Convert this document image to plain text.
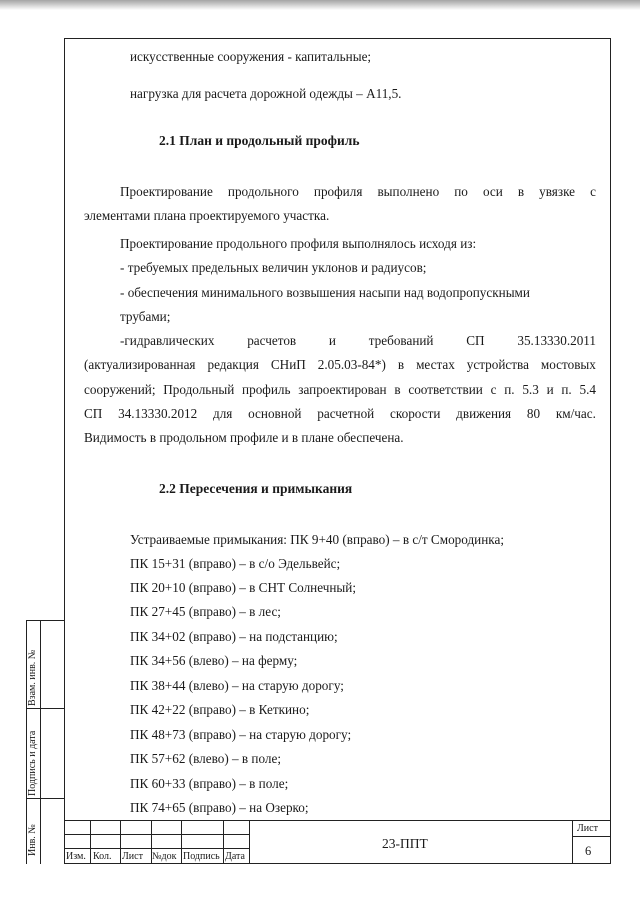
искусственные сооружения - капитальные;
нагрузка для расчета дорожной одежды – А11,5.
2.1 План и продольный профиль
Проектирование продольного профиля выполнено по оси в увязке с
элементами плана проектируемого участка.
Проектирование продольного профиля выполнялось исходя из:
- требуемых предельных величин уклонов и радиусов;
- обеспечения минимального возвышения насыпи над водопропускными
трубами;
-гидравлических расчетов и требований СП 35.13330.2011
(актуализированная редакция СНиП 2.05.03-84*) в местах устройства мостовых
сооружений; Продольный профиль запроектирован в соответствии с п. 5.3 и п. 5.4
СП 34.13330.2012 для основной расчетной скорости движения 80 км/час.
Видимость в продольном профиле и в плане обеспечена.
2.2 Пересечения и примыкания
Устраиваемые примыкания: ПК 9+40 (вправо) – в с/т Смородинка;
ПК 15+31 (вправо) – в с/о Эдельвейс;
ПК 20+10 (вправо) – в СНТ Солнечный;
ПК 27+45 (вправо) – в лес;
ПК 34+02 (вправо) – на подстанцию;
ПК 34+56 (влево) – на ферму;
ПК 38+44 (влево) – на старую дорогу;
ПК 42+22 (вправо) – в Кеткино;
ПК 48+73 (вправо) – на старую дорогу;
ПК 57+62 (влево) – в поле;
ПК 60+33 (вправо) – в поле;
ПК 74+65 (вправо) – на Озерко;
Взам. инв. №
Подпись и дата
Инв. №
Изм. Кол. Лист №док Подпись Дата
23-ППТ
Лист
6
